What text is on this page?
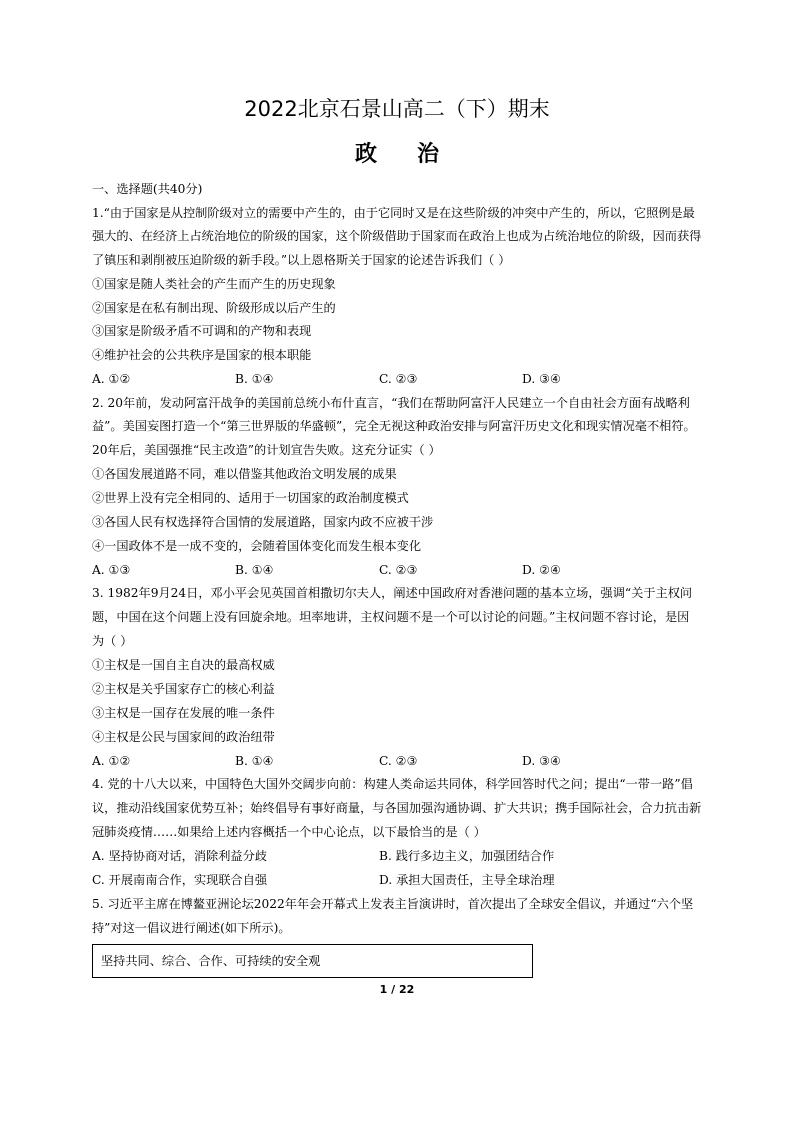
2022北京石景山高二（下）期末
政治
一、选择题(共40分)
1.“由于国家是从控制阶级对立的需要中产生的，由于它同时又是在这些阶级的冲突中产生的，所以，它照例是最
强大的、在经济上占统治地位的阶级的国家，这个阶级借助于国家而在政治上也成为占统治地位的阶级，因而获得
了镇压和剥削被压迫阶级的新手段。”以上恩格斯关于国家的论述告诉我们（ ）
①国家是随人类社会的产生而产生的历史现象
②国家是在私有制出现、阶级形成以后产生的
③国家是阶级矛盾不可调和的产物和表现
④维护社会的公共秩序是国家的根本职能
A. ①②	B. ①④	C. ②③	D. ③④
2. 20年前，发动阿富汗战争的美国前总统小布什直言，“我们在帮助阿富汗人民建立一个自由社会方面有战略利
益”。美国妄图打造一个“第三世界版的华盛顿”，完全无视这种政治安排与阿富汗历史文化和现实情况毫不相符。
20年后，美国强推“民主改造”的计划宣告失败。这充分证实（ ）
①各国发展道路不同，难以借鉴其他政治文明发展的成果
②世界上没有完全相同的、适用于一切国家的政治制度模式
③各国人民有权选择符合国情的发展道路，国家内政不应被干涉
④一国政体不是一成不变的，会随着国体变化而发生根本变化
A. ①③	B. ①④	C. ②③	D. ②④
3. 1982年9月24日，邓小平会见英国首相撒切尔夫人，阐述中国政府对香港问题的基本立场，强调“关于主权问
题，中国在这个问题上没有回旋余地。坦率地讲，主权问题不是一个可以讨论的问题。”主权问题不容讨论，是因
为（ ）
①主权是一国自主自决的最高权威
②主权是关乎国家存亡的核心利益
③主权是一国存在发展的唯一条件
④主权是公民与国家间的政治纽带
A. ①②	B. ①④	C. ②③	D. ③④
4. 党的十八大以来，中国特色大国外交阔步向前：构建人类命运共同体，科学回答时代之问；提出“一带一路”倡
议，推动沿线国家优势互补；始终倡导有事好商量，与各国加强沟通协调、扩大共识；携手国际社会，合力抗击新
冠肺炎疫情……如果给上述内容概括一个中心论点，以下最恰当的是（ ）
A. 坚持协商对话，消除利益分歧	B. 践行多边主义，加强团结合作
C. 开展南南合作，实现联合自强	D. 承担大国责任，主导全球治理
5. 习近平主席在博鳌亚洲论坛2022年年会开幕式上发表主旨演讲时，首次提出了全球安全倡议，并通过“六个坚
持”对这一倡议进行阐述(如下所示)。
坚持共同、综合、合作、可持续的安全观
1 / 22
